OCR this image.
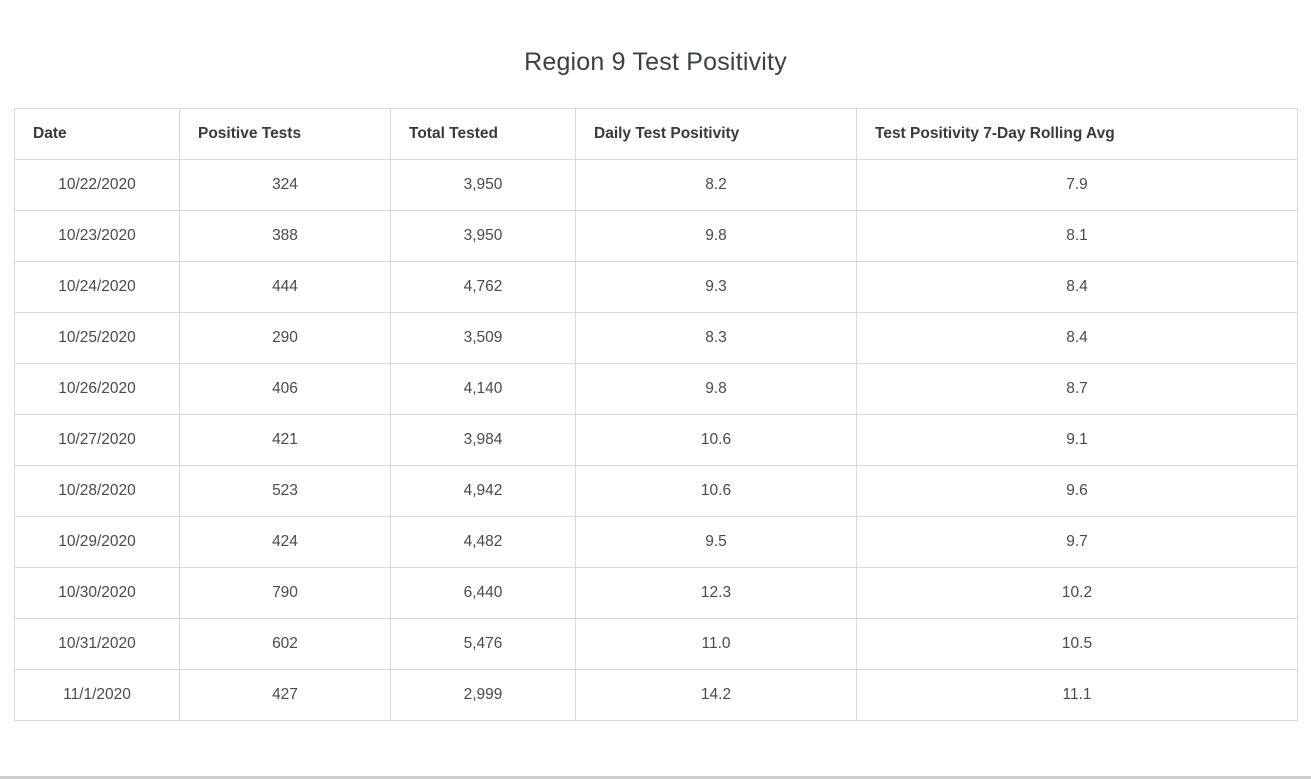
Region 9 Test Positivity
Date	Positive Tests	Total Tested	Daily Test Positivity	Test Positivity 7-Day Rolling Avg
10/22/2020	324	3,950	8.2	7.9
10/23/2020	388	3,950	9.8	8.1
10/24/2020	444	4,762	9.3	8.4
10/25/2020	290	3,509	8.3	8.4
10/26/2020	406	4,140	9.8	8.7
10/27/2020	421	3,984	10.6	9.1
10/28/2020	523	4,942	10.6	9.6
10/29/2020	424	4,482	9.5	9.7
10/30/2020	790	6,440	12.3	10.2
10/31/2020	602	5,476	11.0	10.5
11/1/2020	427	2,999	14.2	11.1
